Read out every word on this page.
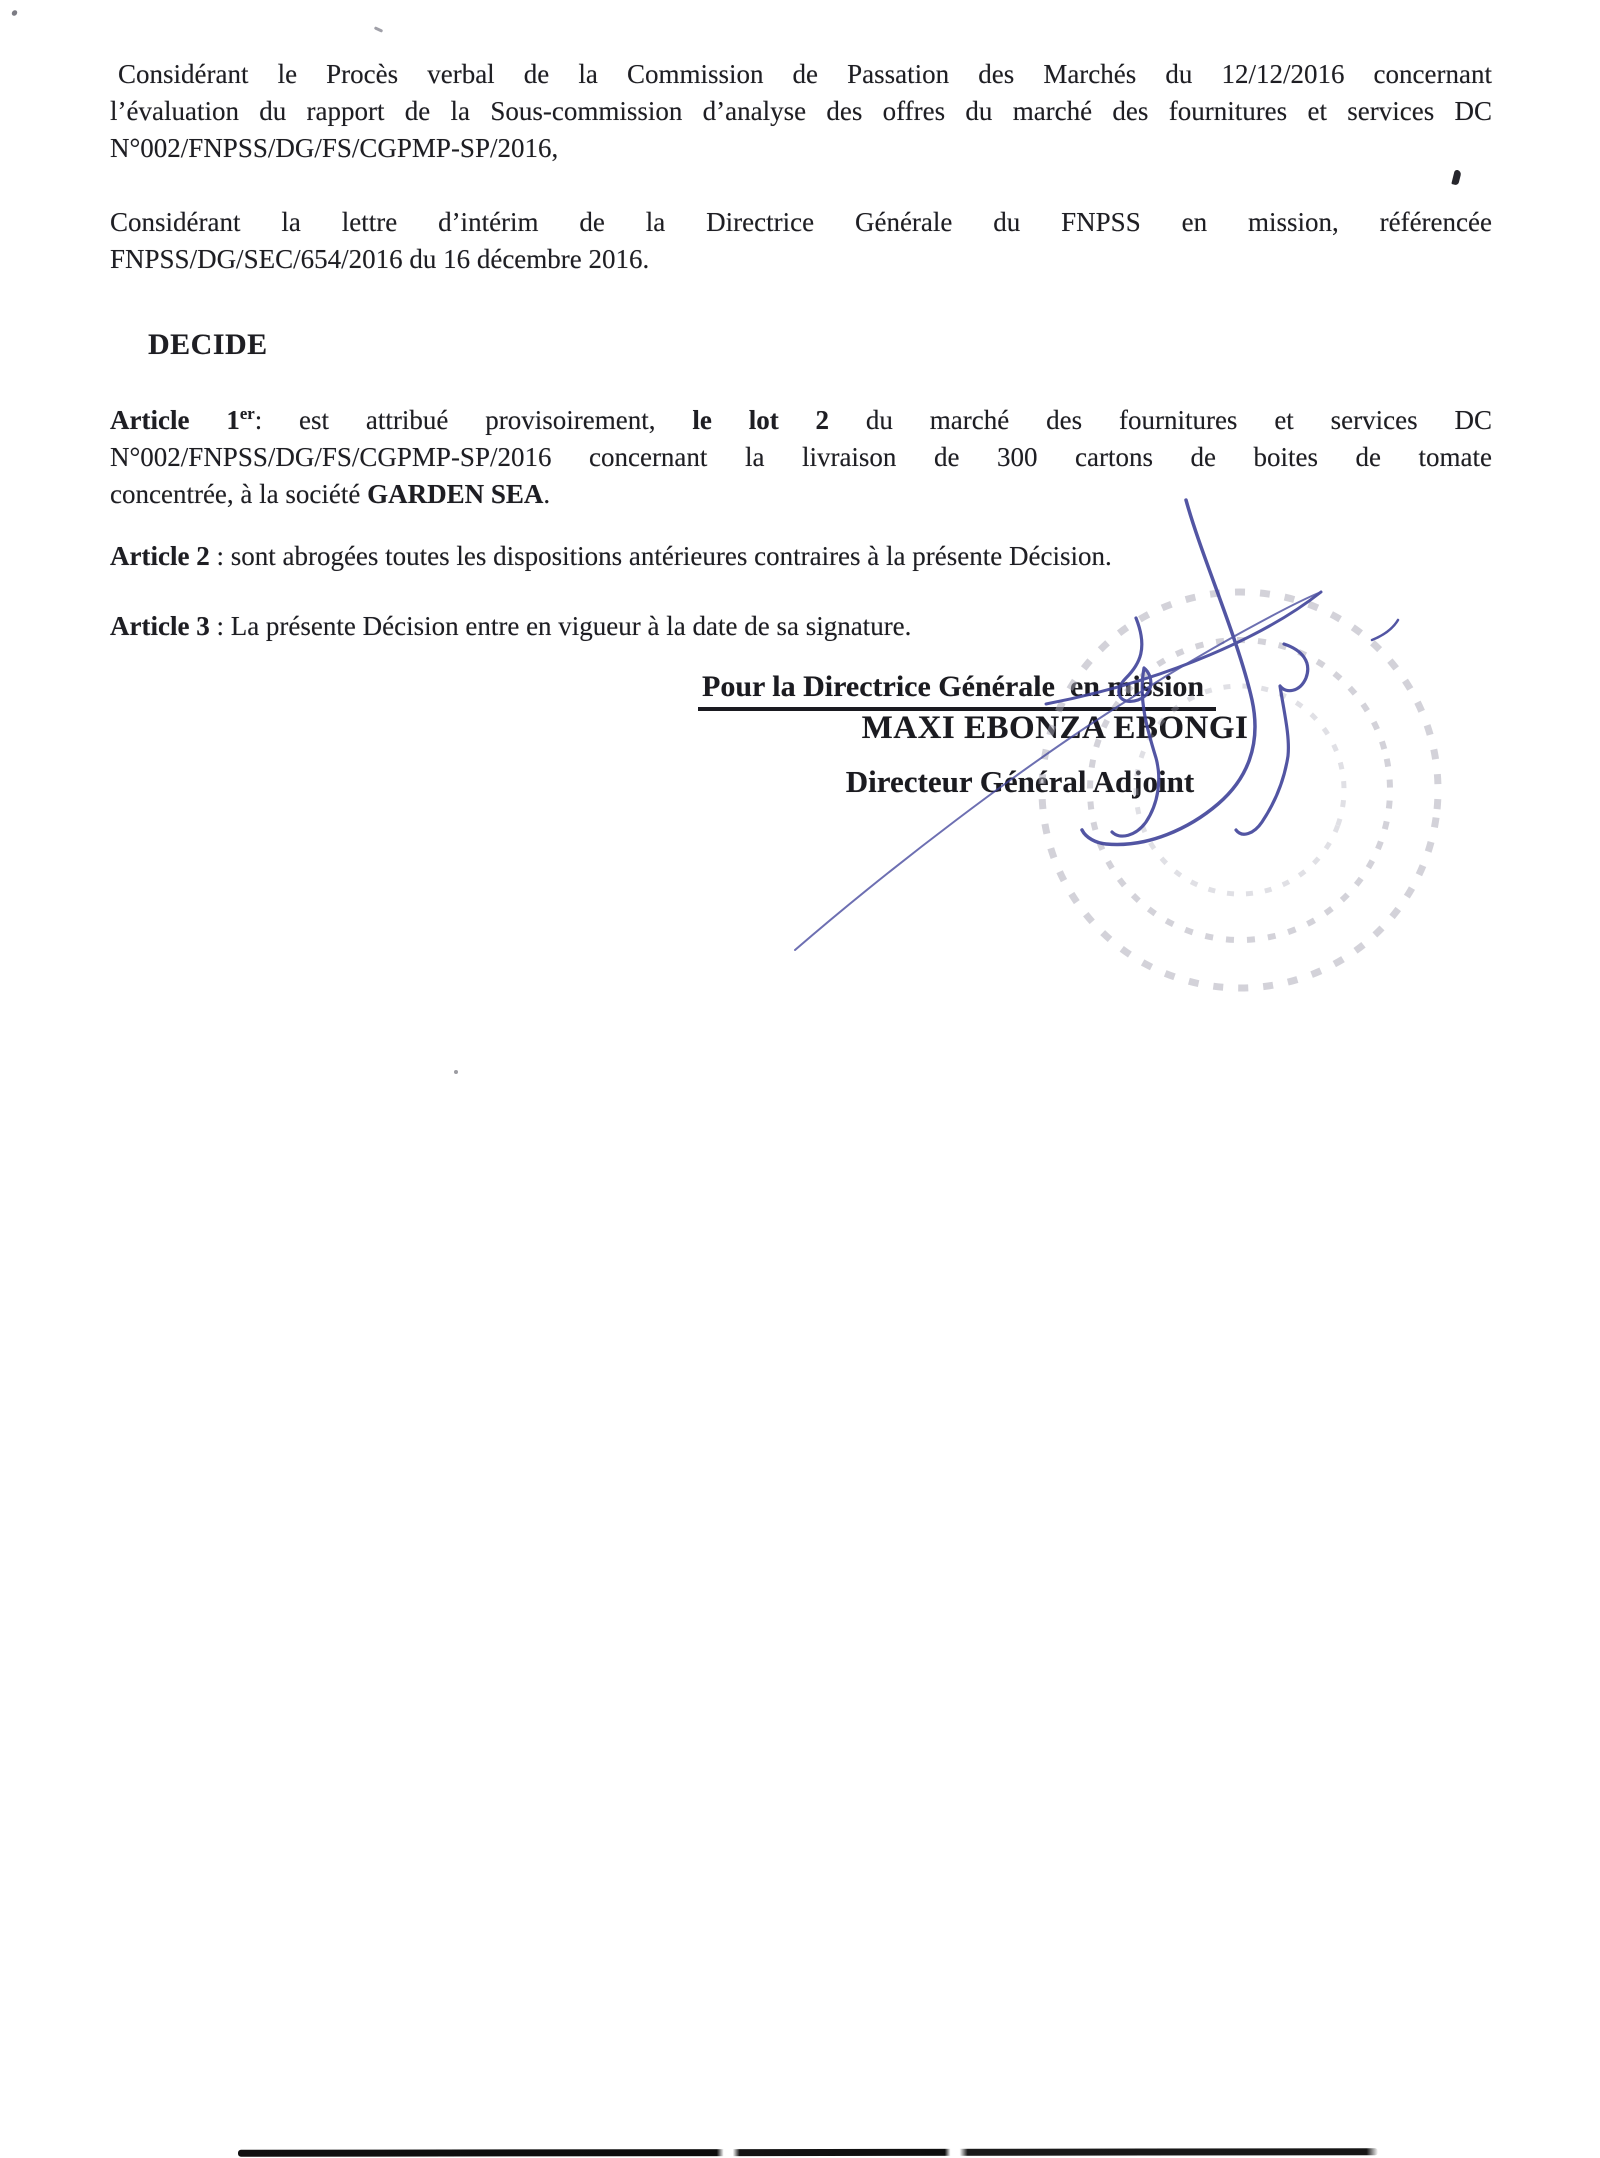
Considérant le Procès verbal de la Commission de Passation des Marchés du 12/12/2016 concernant
l’évaluation du rapport de la Sous-commission d’analyse des offres du marché des fournitures et services DC
N°002/FNPSS/DG/FS/CGPMP-SP/2016,
Considérant la lettre d’intérim de la Directrice Générale du FNPSS en mission, référencée
FNPSS/DG/SEC/654/2016 du 16 décembre 2016.
DECIDE
Article 1er: est attribué provisoirement, le lot 2 du marché des fournitures et services DC
N°002/FNPSS/DG/FS/CGPMP-SP/2016 concernant la livraison de 300 cartons de boites de tomate
concentrée, à la société GARDEN SEA.
Article 2 : sont abrogées toutes les dispositions antérieures contraires à la présente Décision.
Article 3 : La présente Décision entre en vigueur à la date de sa signature.
Pour la Directrice Générale  en mission
MAXI EBONZA EBONGI
Directeur Général Adjoint
